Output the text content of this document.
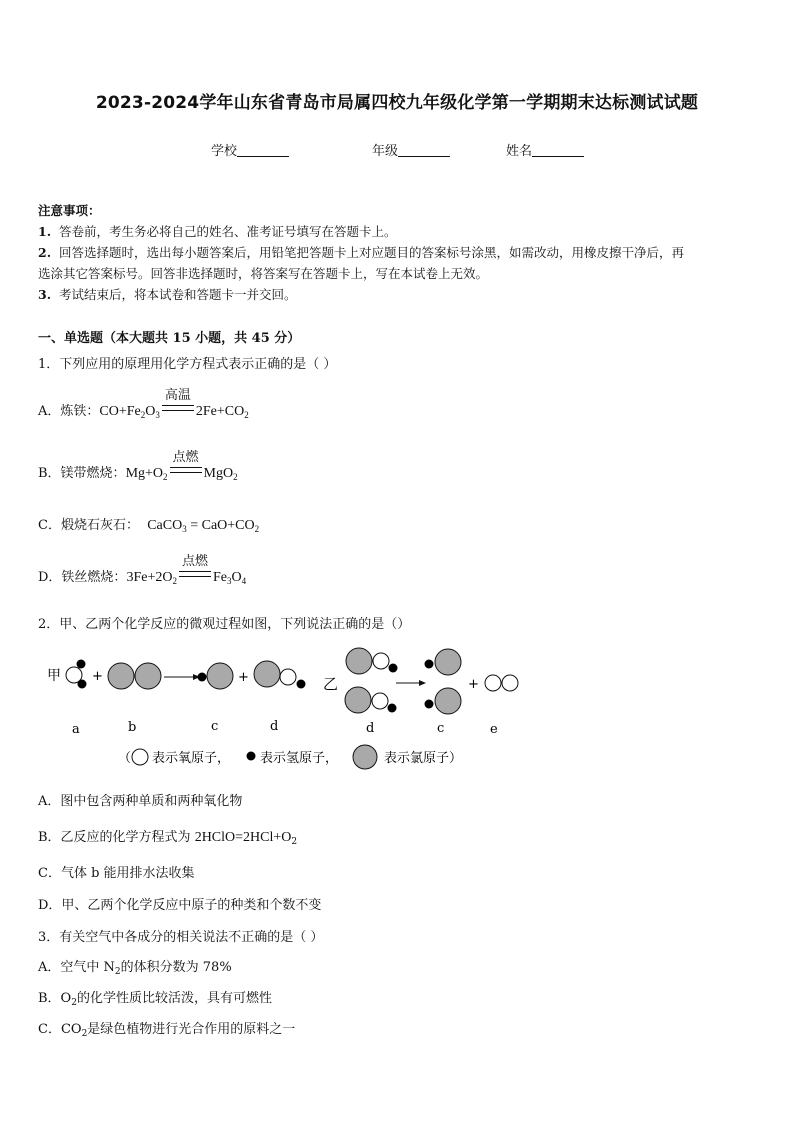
2023-2024学年山东省青岛市局属四校九年级化学第一学期期末达标测试试题
学校	年级	姓名
注意事项：
1. 答卷前，考生务必将自己的姓名、准考证号填写在答题卡上。
2. 回答选择题时，选出每小题答案后，用铅笔把答题卡上对应题目的答案标号涂黑，如需改动，用橡皮擦干净后，再
选涂其它答案标号。回答非选择题时，将答案写在答题卡上，写在本试卷上无效。
3. 考试结束后，将本试卷和答题卡一并交回。
一、单选题（本大题共 15 小题，共 45 分）
1．下列应用的原理用化学方程式表示正确的是（ ）
A．炼铁：$CO+Fe_2O_3$
高温
$2Fe+CO_2$
B．镁带燃烧：$Mg+O_2$
点燃
MgO$_2$
C．煅烧石灰石： CaCO$_3$ = $CaO+CO_2$
D．铁丝燃烧：$3Fe+2O_2$
点燃
$Fe_3O_4$
2．甲、乙两个化学反应的微观过程如图，下列说法正确的是（）
甲 +	+	乙	+
a	b	c	d	d	c	e
（ 表示氧原子， 表示氢原子，	表示氯原子）
A．图中包含两种单质和两种氧化物
B．乙反应的化学方程式为 $2HClO=2HCl+O_2$
C．气体 b 能用排水法收集
D．甲、乙两个化学反应中原子的种类和个数不变
3．有关空气中各成分的相关说法不正确的是（ ）
A．空气中 $N_2$的体积分数为 78%
B．$O_2$的化学性质比较活泼，具有可燃性
C．$CO_2$是绿色植物进行光合作用的原料之一
